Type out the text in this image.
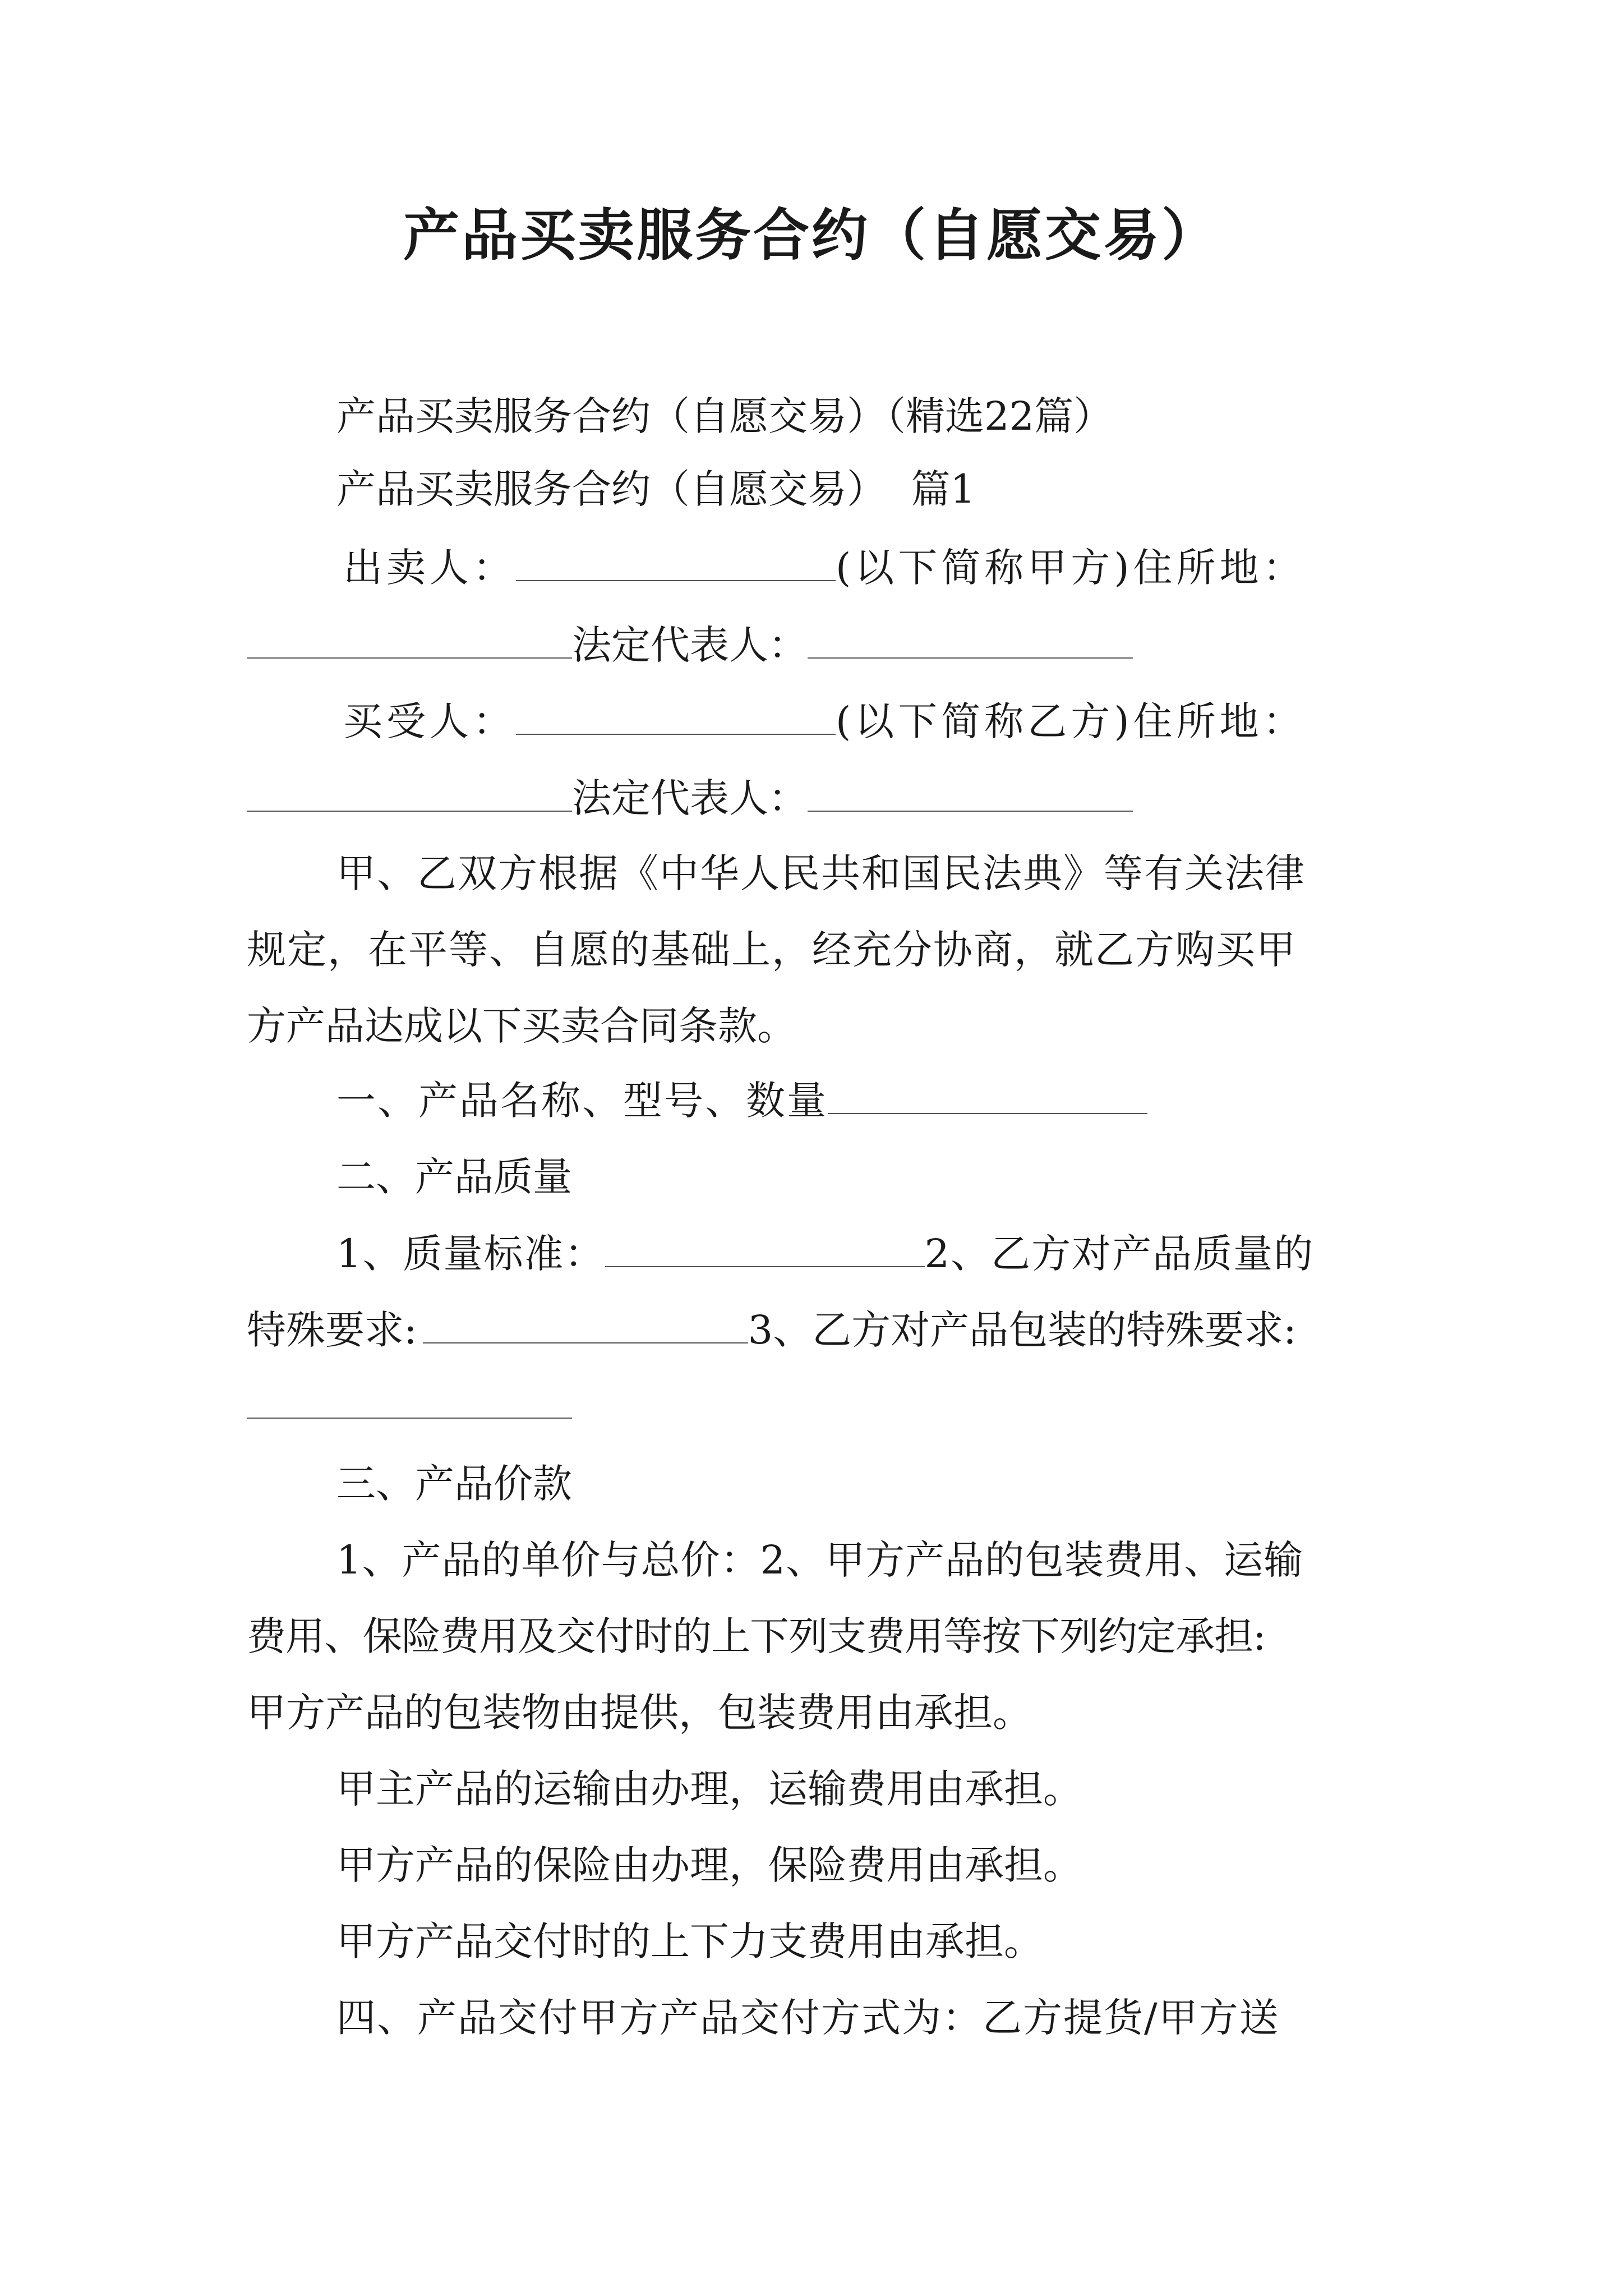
产品买卖服务合约（自愿交易）
产品买卖服务合约（自愿交易）（精选22篇）
产品买卖服务合约（自愿交易）  篇1
出卖人：	(以下简称甲方)住所地：
法定代表人：
买受人：	(以下简称乙方)住所地：
法定代表人：
甲、乙双方根据《中华人民共和国民法典》等有关法律
规定，在平等、自愿的基础上，经充分协商，就乙方购买甲
方产品达成以下买卖合同条款。
一、产品名称、型号、数量
二、产品质量
1、质量标准：	2、乙方对产品质量的
特殊要求:	3、乙方对产品包装的特殊要求:
三、产品价款
1、产品的单价与总价：2、甲方产品的包装费用、运输
费用、保险费用及交付时的上下列支费用等按下列约定承担:
甲方产品的包装物由提供，包装费用由承担。
甲主产品的运输由办理，运输费用由承担。
甲方产品的保险由办理，保险费用由承担。
甲方产品交付时的上下力支费用由承担。
四、产品交付甲方产品交付方式为：乙方提货/甲方送
